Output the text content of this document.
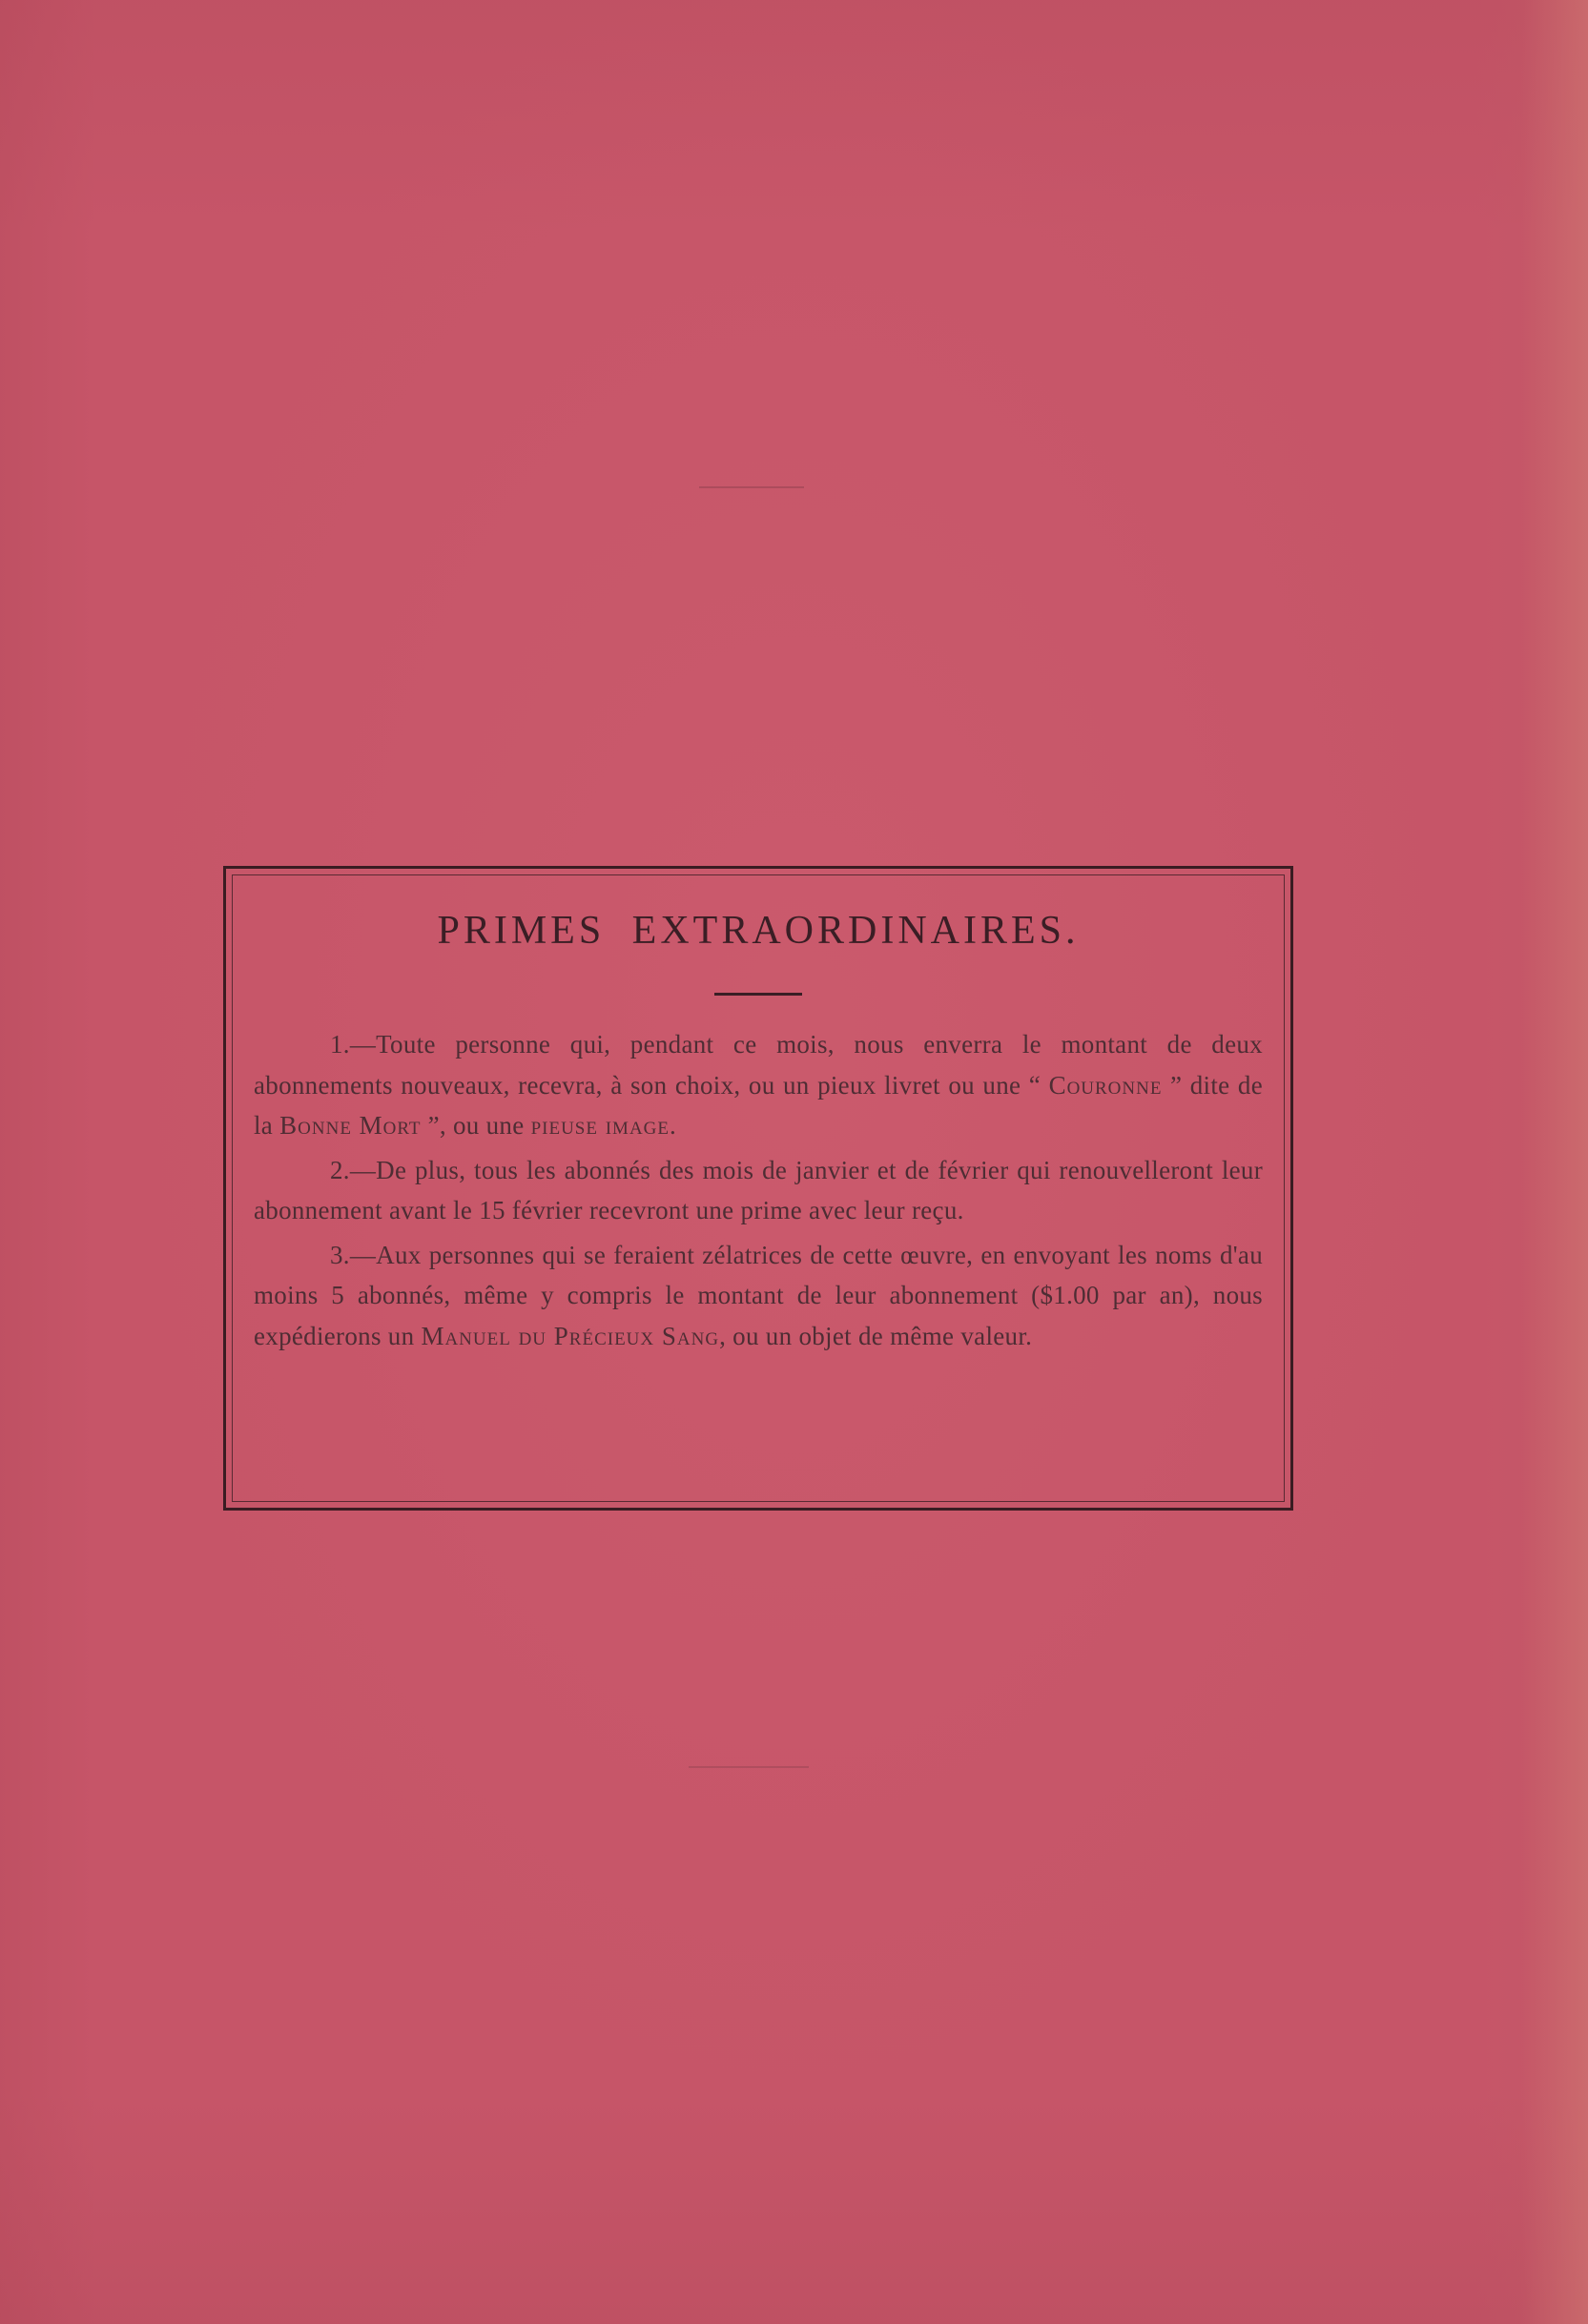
PRIMES EXTRAORDINAIRES.

1.—Toute personne qui, pendant ce mois, nous enverra le montant de deux abonnements nouveaux, recevra, à son choix, ou un pieux livret ou une “ Couronne ” dite de la Bonne Mort ”, ou une pieuse image.

2.—De plus, tous les abonnés des mois de janvier et de février qui renouvelleront leur abonnement avant le 15 février recevront une prime avec leur reçu.

3.—Aux personnes qui se feraient zélatrices de cette œuvre, en envoyant les noms d'au moins 5 abonnés, même y compris le montant de leur abonnement ($1.00 par an), nous expédierons un Manuel du Précieux Sang, ou un objet de même valeur.
